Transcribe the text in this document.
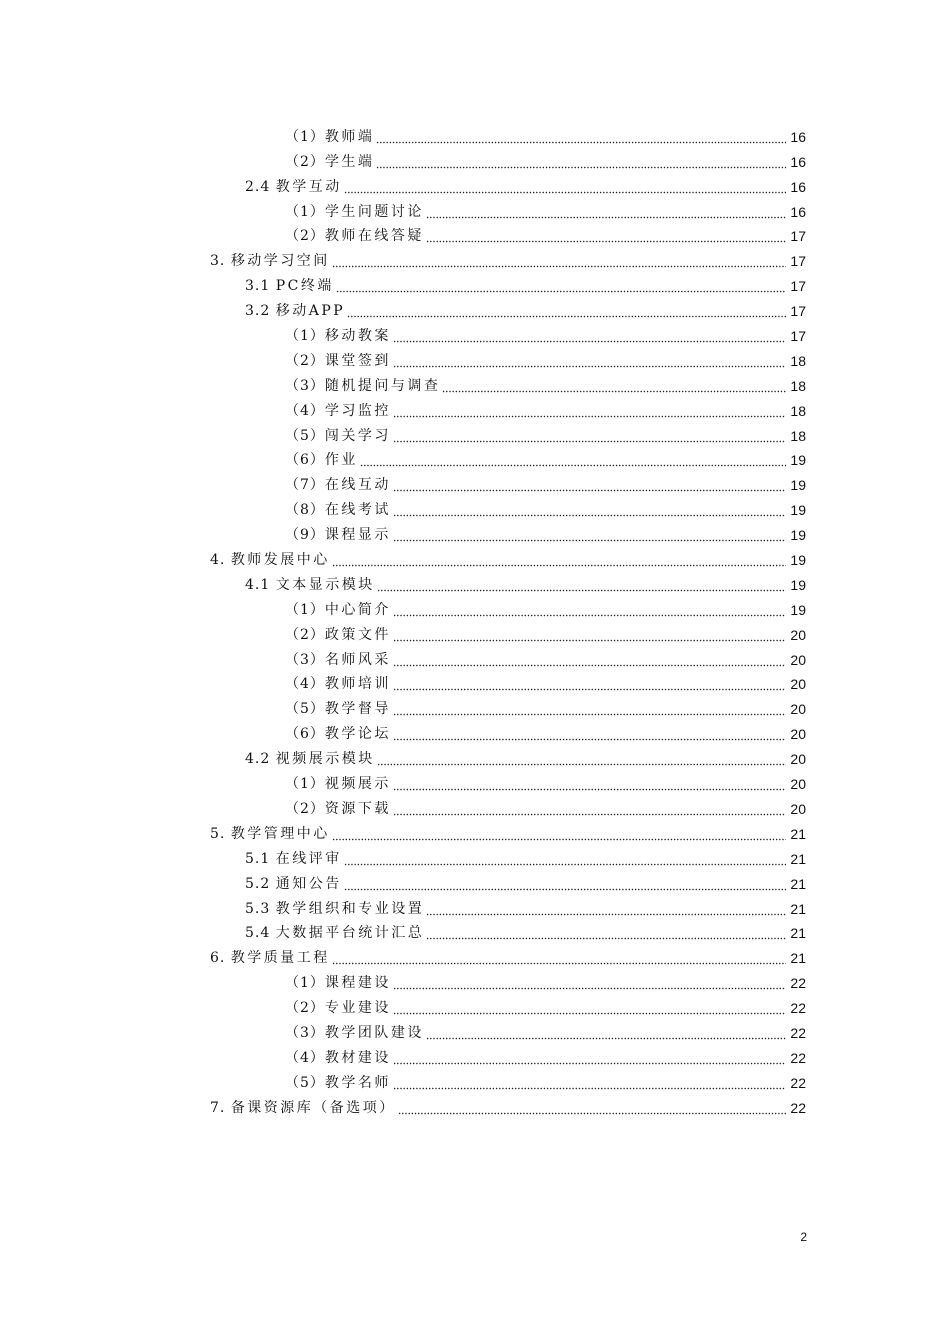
（1） 教师端	16
（2） 学生端	16
2.4 教学互动	16
（1） 学生问题讨论	16
（2） 教师在线答疑	17
3. 移动学习空间	17
3.1 PC终端	17
3.2 移动APP	17
（1） 移动教案	17
（2） 课堂签到	18
（3） 随机提问与调查	18
（4） 学习监控	18
（5） 闯关学习	18
（6） 作业	19
（7） 在线互动	19
（8） 在线考试	19
（9） 课程显示	19
4. 教师发展中心	19
4.1 文本显示模块	19
（1） 中心简介	19
（2） 政策文件	20
（3） 名师风采	20
（4） 教师培训	20
（5） 教学督导	20
（6） 教学论坛	20
4.2 视频展示模块	20
（1） 视频展示	20
（2） 资源下载	20
5. 教学管理中心	21
5.1 在线评审	21
5.2 通知公告	21
5.3 教学组织和专业设置	21
5.4 大数据平台统计汇总	21
6. 教学质量工程	21
（1） 课程建设	22
（2） 专业建设	22
（3） 教学团队建设	22
（4） 教材建设	22
（5） 教学名师	22
7. 备课资源库（备选项）	22
2
